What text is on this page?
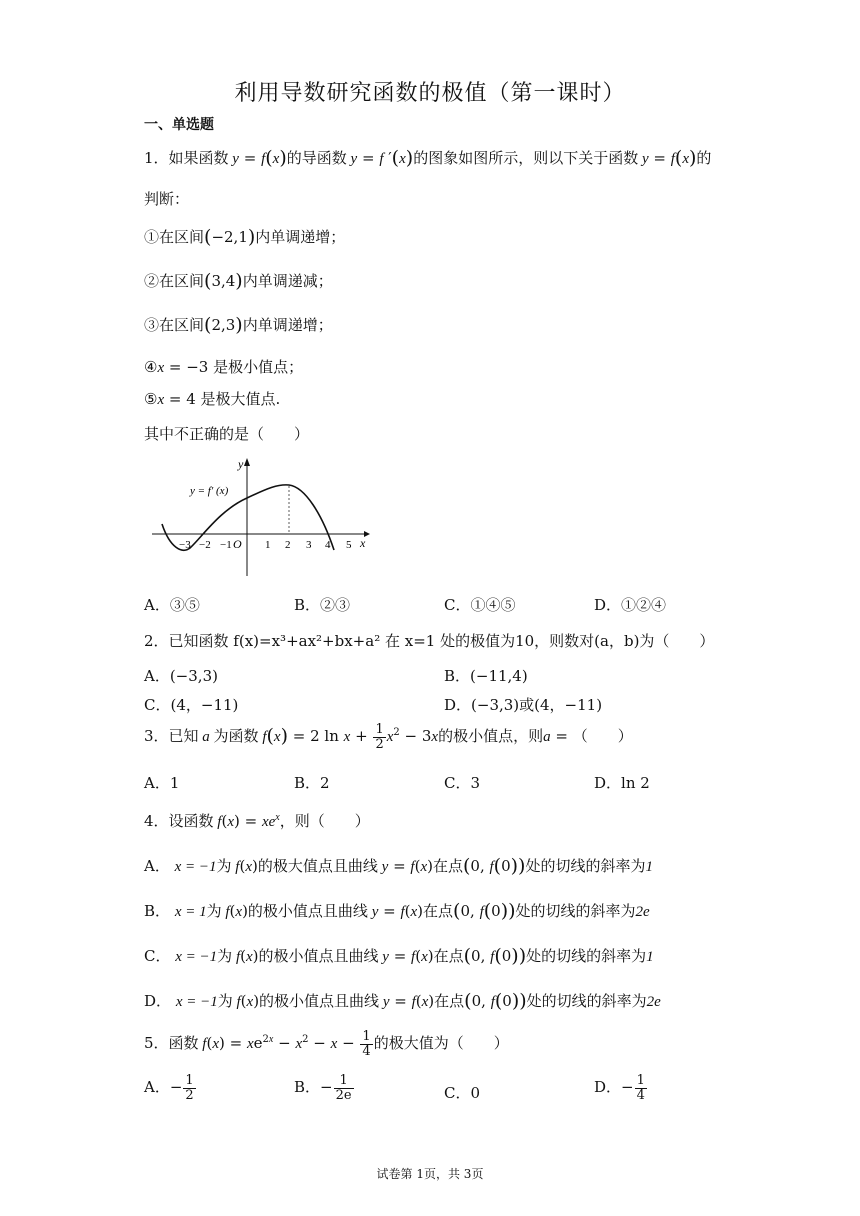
利用导数研究函数的极值（第一课时）
一、单选题
1．如果函数 y = f(x)的导函数 y = f ′(x)的图象如图所示，则以下关于函数 y = f(x)的
判断：
①在区间(−2,1)内单调递增；
②在区间(3,4)内单调递减；
③在区间(2,3)内单调递增；
④x = −3 是极小值点；
⑤x = 4 是极大值点.
其中不正确的是（　　）
y
x
y = f′ (x)
O
−3 −2 −1	1 2 3 4 5
A．③⑤	B．②③	C．①④⑤	D．①②④
2．已知函数 f(x)=x³+ax²+bx+a² 在 x=1 处的极值为10，则数对(a，b)为（　　）
A．(−3,3)	B．(−11,4)
C．(4，−11)	D．(−3,3)或(4，−11)
3．已知 a 为函数 f(x) = 2 $\ln x + \frac{1}{2} x^2 - 3x$的极小值点，则a = （　　）
A．1	B．2	C．3	D．ln 2
4．设函数 $f(x) = xe^x$，则（　　）
A． x = −1为 f(x)的极大值点且曲线 y = f(x)在点(0, f(0))处的切线的斜率为1
B． x = 1为 f(x)的极小值点且曲线 y = f(x)在点(0, f(0))处的切线的斜率为2e
C． x = −1为 f(x)的极小值点且曲线 y = f(x)在点(0, f(0))处的切线的斜率为1
D． x = −1为 f(x)的极小值点且曲线 y = f(x)在点(0, f(0))处的切线的斜率为2e
5．函数 $f(x) = xe^{2x} - x^2 - x - \frac{1}{4}$ 的极大值为（　　）
A．− $\frac{1}{2}$	B．− $\frac{1}{2e}$	C．0	D．− $\frac{1}{4}$
试卷第 1页，共 3页
